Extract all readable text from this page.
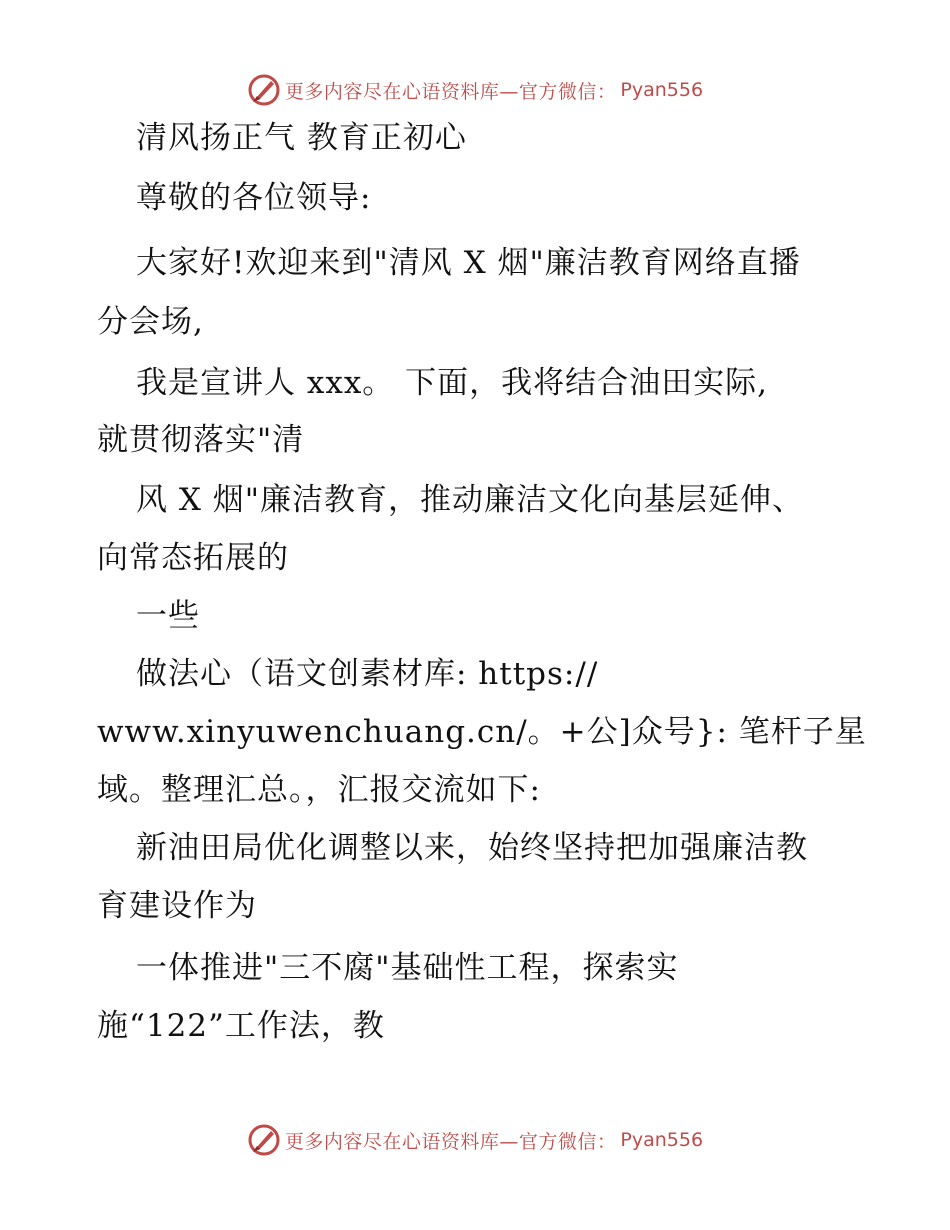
更多内容尽在心语资料库—官方微信： Pyan556
清风扬正气 教育正初心
尊敬的各位领导:
大家好!欢迎来到"清风 X 烟"廉洁教育网络直播
分会场,
我是宣讲人 xxx。 下面，我将结合油田实际,
就贯彻落实"清
风 X 烟"廉洁教育，推动廉洁文化向基层延伸、
向常态拓展的
一些
做法心（语文创素材库: https://
www.xinyuwenchuang.cn/。+公]众号}: 笔杆子星
域。整理汇总。，汇报交流如下:
新油田局优化调整以来，始终坚持把加强廉洁教
育建设作为
一体推进"三不腐"基础性工程，探索实
施“122”工作法，教
更多内容尽在心语资料库—官方微信： Pyan556
